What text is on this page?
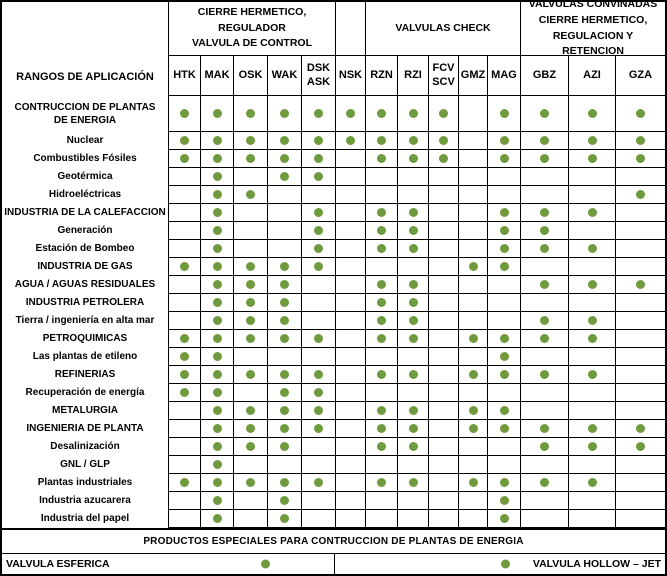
RANGOS DE APLICACIÓN
CIERRE HERMETICO,
REGULADOR
VALVULA DE CONTROL
VALVULAS CHECK
VALVULAS CONVINADAS
CIERRE HERMETICO,
REGULACION Y RETENCION
HTK MAK OSK WAK
DSK
ASK
NSK RZN RZI
FCV
SCV
GMZ MAG GBZ AZI	GZA
CONTRUCCION DE PLANTAS
DE ENERGIA
Nuclear
Combustibles Fósiles
Geotérmica
Hidroeléctricas
INDUSTRIA DE LA CALEFACCION
Generación
Estación de Bombeo
INDUSTRIA DE GAS
AGUA / AGUAS RESIDUALES
INDUSTRIA PETROLERA
Tierra / ingeniería en alta mar
PETROQUIMICAS
Las plantas de etileno
REFINERIAS
Recuperación de energía
METALURGIA
INGENIERIA DE PLANTA
Desalinización
GNL / GLP
Plantas industriales
Industria azucarera
Industria del papel
PRODUCTOS ESPECIALES PARA CONTRUCCION DE PLANTAS DE ENERGIA
VALVULA ESFERICA	VALVULA HOLLOW – JET
